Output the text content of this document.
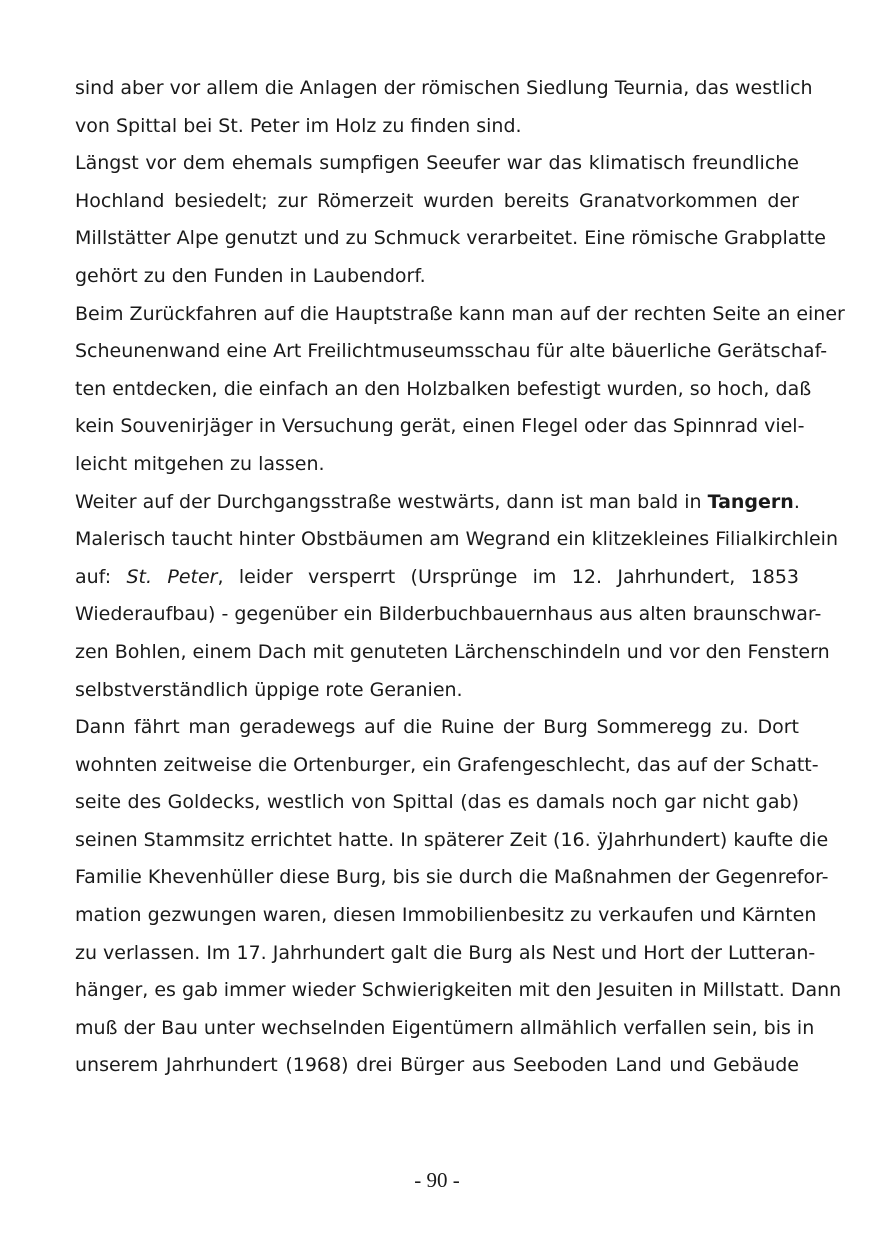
sind aber vor allem die Anlagen der römischen Siedlung Teurnia, das westlich
von Spittal bei St. Peter im Holz zu finden sind.
Längst vor dem ehemals sumpfigen Seeufer war das klimatisch freundliche
Hochland besiedelt; zur Römerzeit wurden bereits Granatvorkommen der
Millstätter Alpe genutzt und zu Schmuck verarbeitet. Eine römische Grabplatte
gehört zu den Funden in Laubendorf.
Beim Zurückfahren auf die Hauptstraße kann man auf der rechten Seite an einer
Scheunenwand eine Art Freilichtmuseumsschau für alte bäuerliche Gerätschaf-
ten entdecken, die einfach an den Holzbalken befestigt wurden, so hoch, daß
kein Souvenirjäger in Versuchung gerät, einen Flegel oder das Spinnrad viel-
leicht mitgehen zu lassen.
Weiter auf der Durchgangsstraße westwärts, dann ist man bald in Tangern.
Malerisch taucht hinter Obstbäumen am Wegrand ein klitzekleines Filialkirchlein
auf: St. Peter, leider versperrt (Ursprünge im 12. Jahrhundert, 1853
Wiederaufbau) - gegenüber ein Bilderbuchbauernhaus aus alten braunschwar-
zen Bohlen, einem Dach mit genuteten Lärchenschindeln und vor den Fenstern
selbstverständlich üppige rote Geranien.
Dann fährt man geradewegs auf die Ruine der Burg Sommeregg zu. Dort
wohnten zeitweise die Ortenburger, ein Grafengeschlecht, das auf der Schatt-
seite des Goldecks, westlich von Spittal (das es damals noch gar nicht gab)
seinen Stammsitz errichtet hatte. In späterer Zeit (16. ÿJahrhundert) kaufte die
Familie Khevenhüller diese Burg, bis sie durch die Maßnahmen der Gegenrefor-
mation gezwungen waren, diesen Immobilienbesitz zu verkaufen und Kärnten
zu verlassen. Im 17. Jahrhundert galt die Burg als Nest und Hort der Lutteran-
hänger, es gab immer wieder Schwierigkeiten mit den Jesuiten in Millstatt. Dann
muß der Bau unter wechselnden Eigentümern allmählich verfallen sein, bis in
unserem Jahrhundert (1968) drei Bürger aus Seeboden Land und Gebäude
- 90 -
